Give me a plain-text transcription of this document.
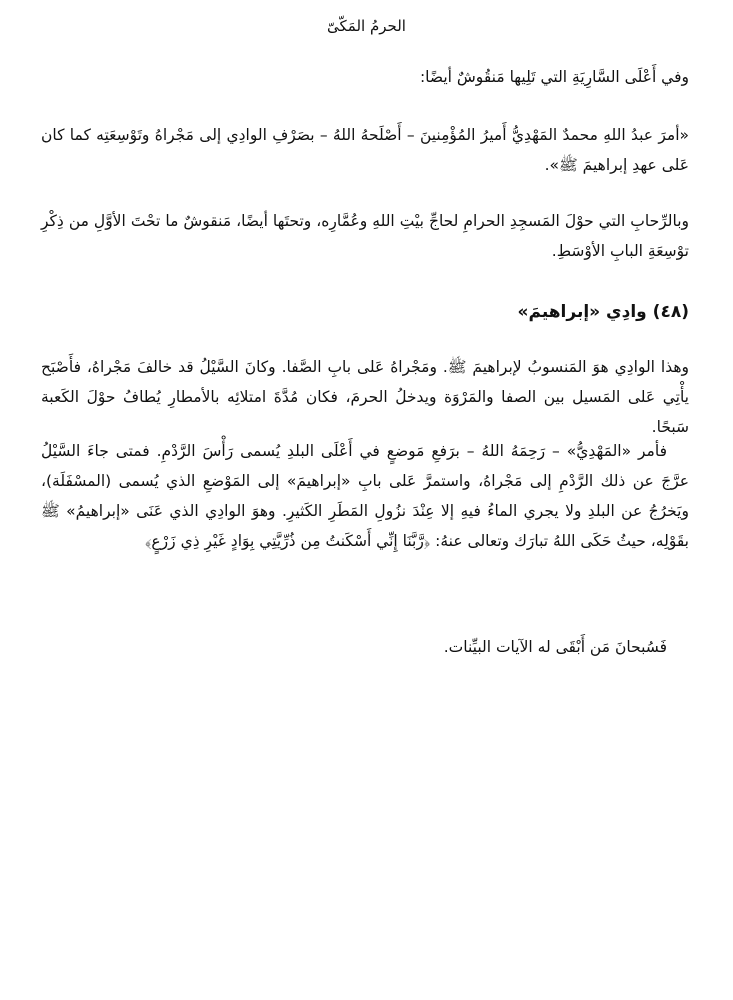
الحرمُ المَكّىّ

وفي أَعْلَى السَّارِيَةِ التي تَلِيها مَنقُوشٌ أيضًا:

«أمرَ عبدُ اللهِ محمدٌ المَهْدِيُّ أَميرُ المُؤْمِنينَ – أَصْلَحهُ اللهُ – بصَرْفِ الوادِي إلى مَجْراهُ وتَوْسِعَتِه كما كان عَلى عهدِ إبراهيمَ ﷺ».

وبالرِّحابِ التي حوْلَ المَسجِدِ الحرامِ لحاجِّ بيْتِ اللهِ وعُمَّارِه، وتحتَها أيضًا، مَنقوشٌ ما تحْتَ الأوَّلِ من ذِكْرِ توْسِعَةِ البابِ الأوْسَطِ.

(٤٨) وادِي «إبراهيمَ»

وهذا الوادِي هوَ المَنسوبُ لإبراهيمَ ﷺ. ومَجْراهُ عَلى بابِ الصَّفا. وكانَ السَّيْلُ قد خالفَ مَجْراهُ، فأَصْبَح يأْتِي عَلى المَسيل بين الصفا والمَرْوَة ويدخلُ الحرمَ، فكان مُدَّةَ امتلائِه بالأمطارِ يُطافُ حوْلَ الكَعبة سَبحًا.

فأمر «المَهْدِيُّ» – رَحِمَهُ اللهُ – برَفعِ مَوضعٍ في أَعْلَى البلدِ يُسمى رَأْسَ الرَّدْمِ. فمتى جاءَ السَّيْلُ عرَّجَ عن ذلك الرَّدْمِ إلى مَجْراهُ، واستمرَّ عَلى بابِ «إبراهيمَ» إلى المَوْضعِ الذي يُسمى (المسْفَلَة)، ويَخرُجُ عن البلدِ ولا يجري الماءُ فيهِ إلا عِنْدَ نزُولِ المَطَرِ الكَثيرِ. وهوَ الوادِي الذي عَنَى «إبراهيمُ» ﷺ بقَوْلِه، حيثُ حَكَى اللهُ تبارَك وتعالى عنهُ: ﴿رَّبَّنَا إِنِّي أَسْكَنتُ مِن ذُرِّيَّتِي بِوَادٍ غَيْرِ ذِي زَرْعٍ﴾

فَسُبحانَ مَن أَبْقَى له الآيات البيِّنات.
